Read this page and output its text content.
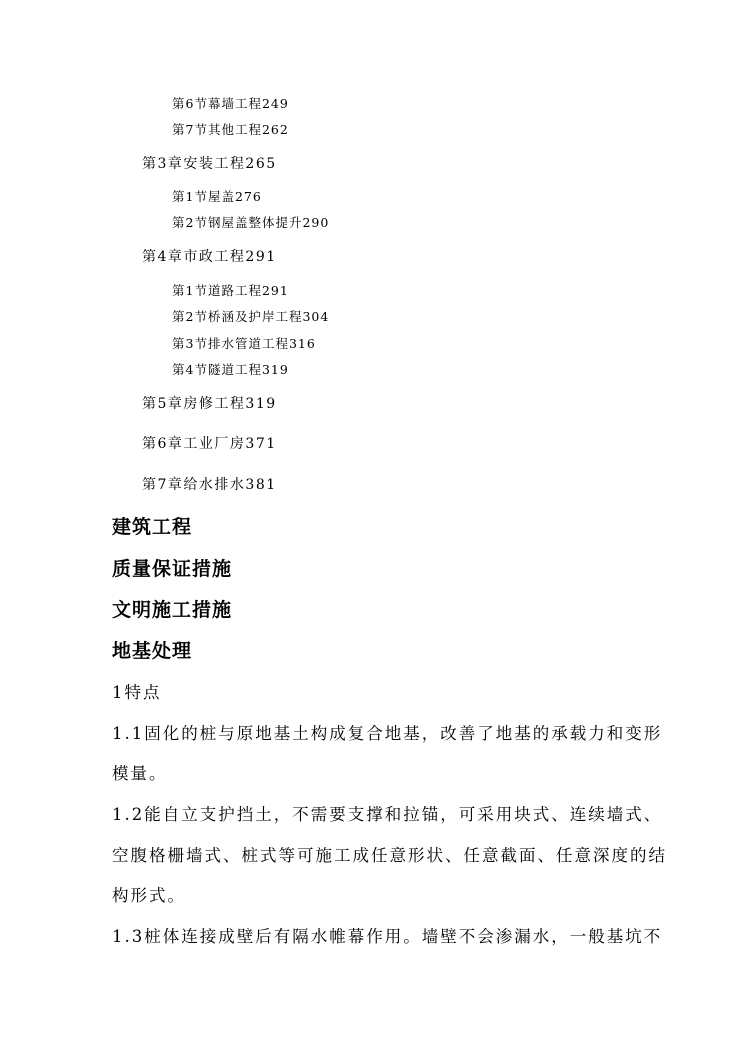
第6节幕墙工程249
第7节其他工程262
第3章安装工程265
第1节屋盖276
第2节钢屋盖整体提升290
第4章市政工程291
第1节道路工程291
第2节桥涵及护岸工程304
第3节排水管道工程316
第4节隧道工程319
第5章房修工程319
第6章工业厂房371
第7章给水排水381
建筑工程
质量保证措施
文明施工措施
地基处理
1特点
1.1固化的桩与原地基土构成复合地基，改善了地基的承载力和变形
模量。
1.2能自立支护挡土，不需要支撑和拉锚，可采用块式、连续墙式、
空腹格栅墙式、桩式等可施工成任意形状、任意截面、任意深度的结
构形式。
1.3桩体连接成壁后有隔水帷幕作用。墙壁不会渗漏水，一般基坑不
